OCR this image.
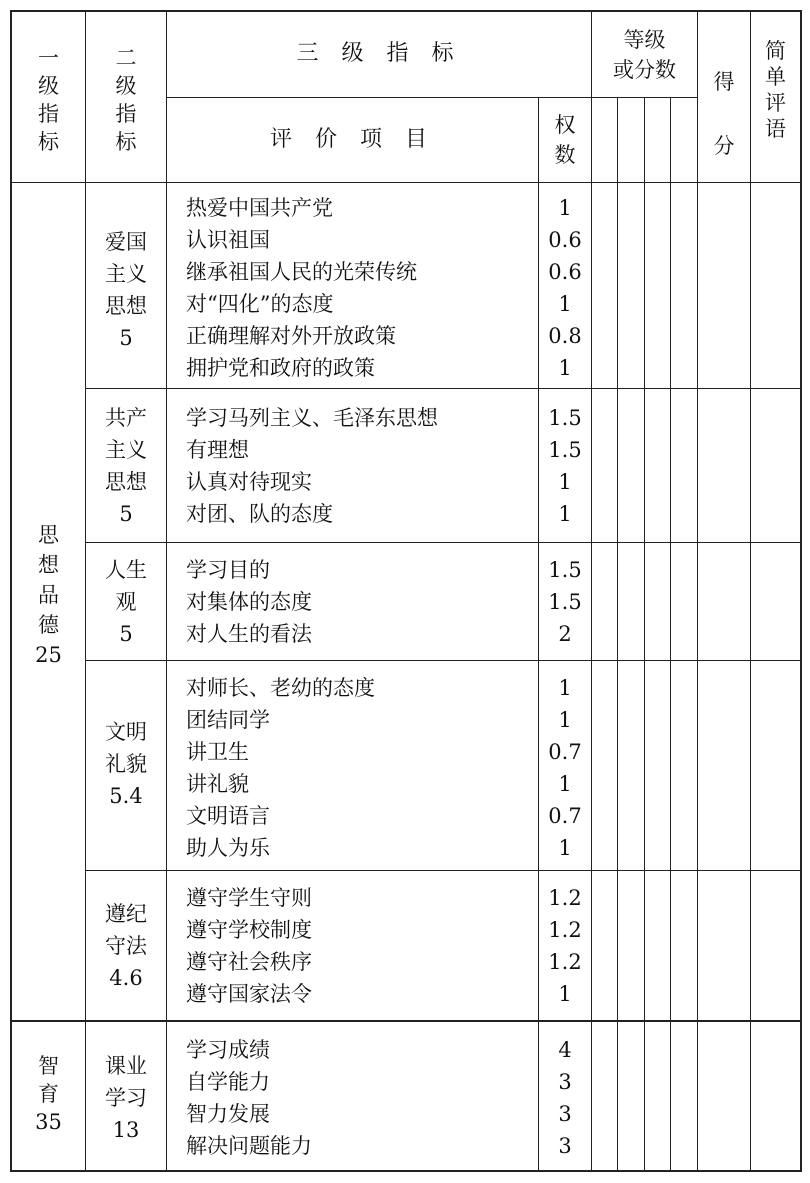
一
级
指
标
二
级
指
标
三 级 指 标
评 价 项 目
权
数
等级
或分数	得
分
简
单
评
语
思
想
品
德
25
智
育
35
爱国
主义
思想
5
热爱中国共产党
认识祖国
继承祖国人民的光荣传统
对“四化”的态度
正确理解对外开放政策
拥护党和政府的政策
1
0.6
0.6
1
0.8
1
共产
主义
思想
5
学习马列主义、毛泽东思想
有理想
认真对待现实
对团、队的态度
1.5
1.5
1
1
人生
观
5
学习目的
对集体的态度
对人生的看法
1.5
1.5
2
文明
礼貌
5.4
对师长、老幼的态度
团结同学
讲卫生
讲礼貌
文明语言
助人为乐
1
1
0.7
1
0.7
1
遵纪
守法
4.6
遵守学生守则
遵守学校制度
遵守社会秩序
遵守国家法令
1.2
1.2
1.2
1
课业
学习
13
学习成绩
自学能力
智力发展
解决问题能力
4
3
3
3
